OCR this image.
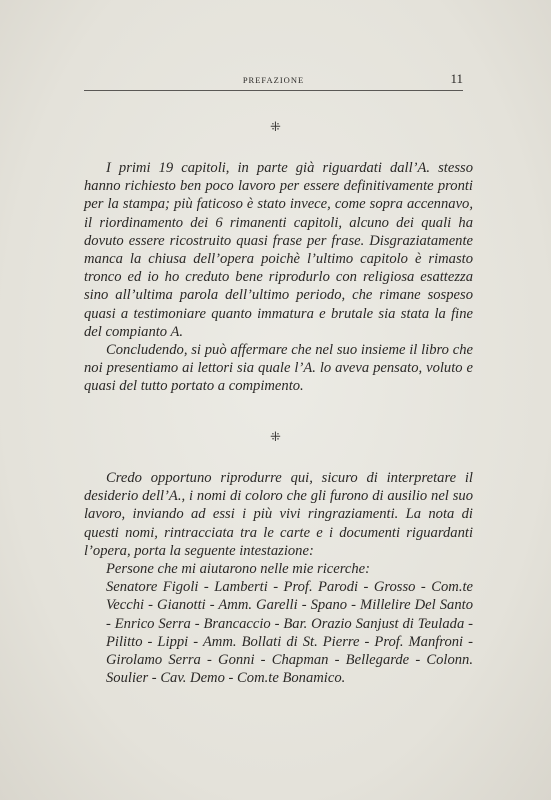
PREFAZIONE	11
⁜

I primi 19 capitoli, in parte già riguardati dall’A. stesso hanno richiesto ben poco lavoro per essere definitivamente pronti per la stampa; più faticoso è stato invece, come sopra accennavo, il riordinamento dei 6 rimanenti capitoli, alcuno dei quali ha dovuto essere ricostruito quasi frase per frase. Disgraziatamente manca la chiusa dell’opera poichè l’ultimo capitolo è rimasto tronco ed io ho creduto bene riprodurlo con religiosa esattezza sino all’ultima parola dell’ultimo periodo, che rimane sospeso quasi a testimoniare quanto immatura e brutale sia stata la fine del compianto A.

Concludendo, si può affermare che nel suo insieme il libro che noi presentiamo ai lettori sia quale l’A. lo aveva pensato, voluto e quasi del tutto portato a compimento.

⁜

Credo opportuno riprodurre qui, sicuro di interpretare il desiderio dell’A., i nomi di coloro che gli furono di ausilio nel suo lavoro, inviando ad essi i più vivi ringraziamenti. La nota di questi nomi, rintracciata tra le carte e i documenti riguardanti l’opera, porta la seguente intestazione:

Persone che mi aiutarono nelle mie ricerche:

Senatore Figoli - Lamberti - Prof. Parodi - Grosso - Com.te Vecchi - Gianotti - Amm. Garelli - Spano - Millelire Del Santo - Enrico Serra - Brancaccio - Bar. Orazio Sanjust di Teulada - Pilitto - Lippi - Amm. Bollati di St. Pierre - Prof. Manfroni - Girolamo Serra - Gonni - Chapman - Bellegarde - Colonn. Soulier - Cav. Demo - Com.te Bonamico.
